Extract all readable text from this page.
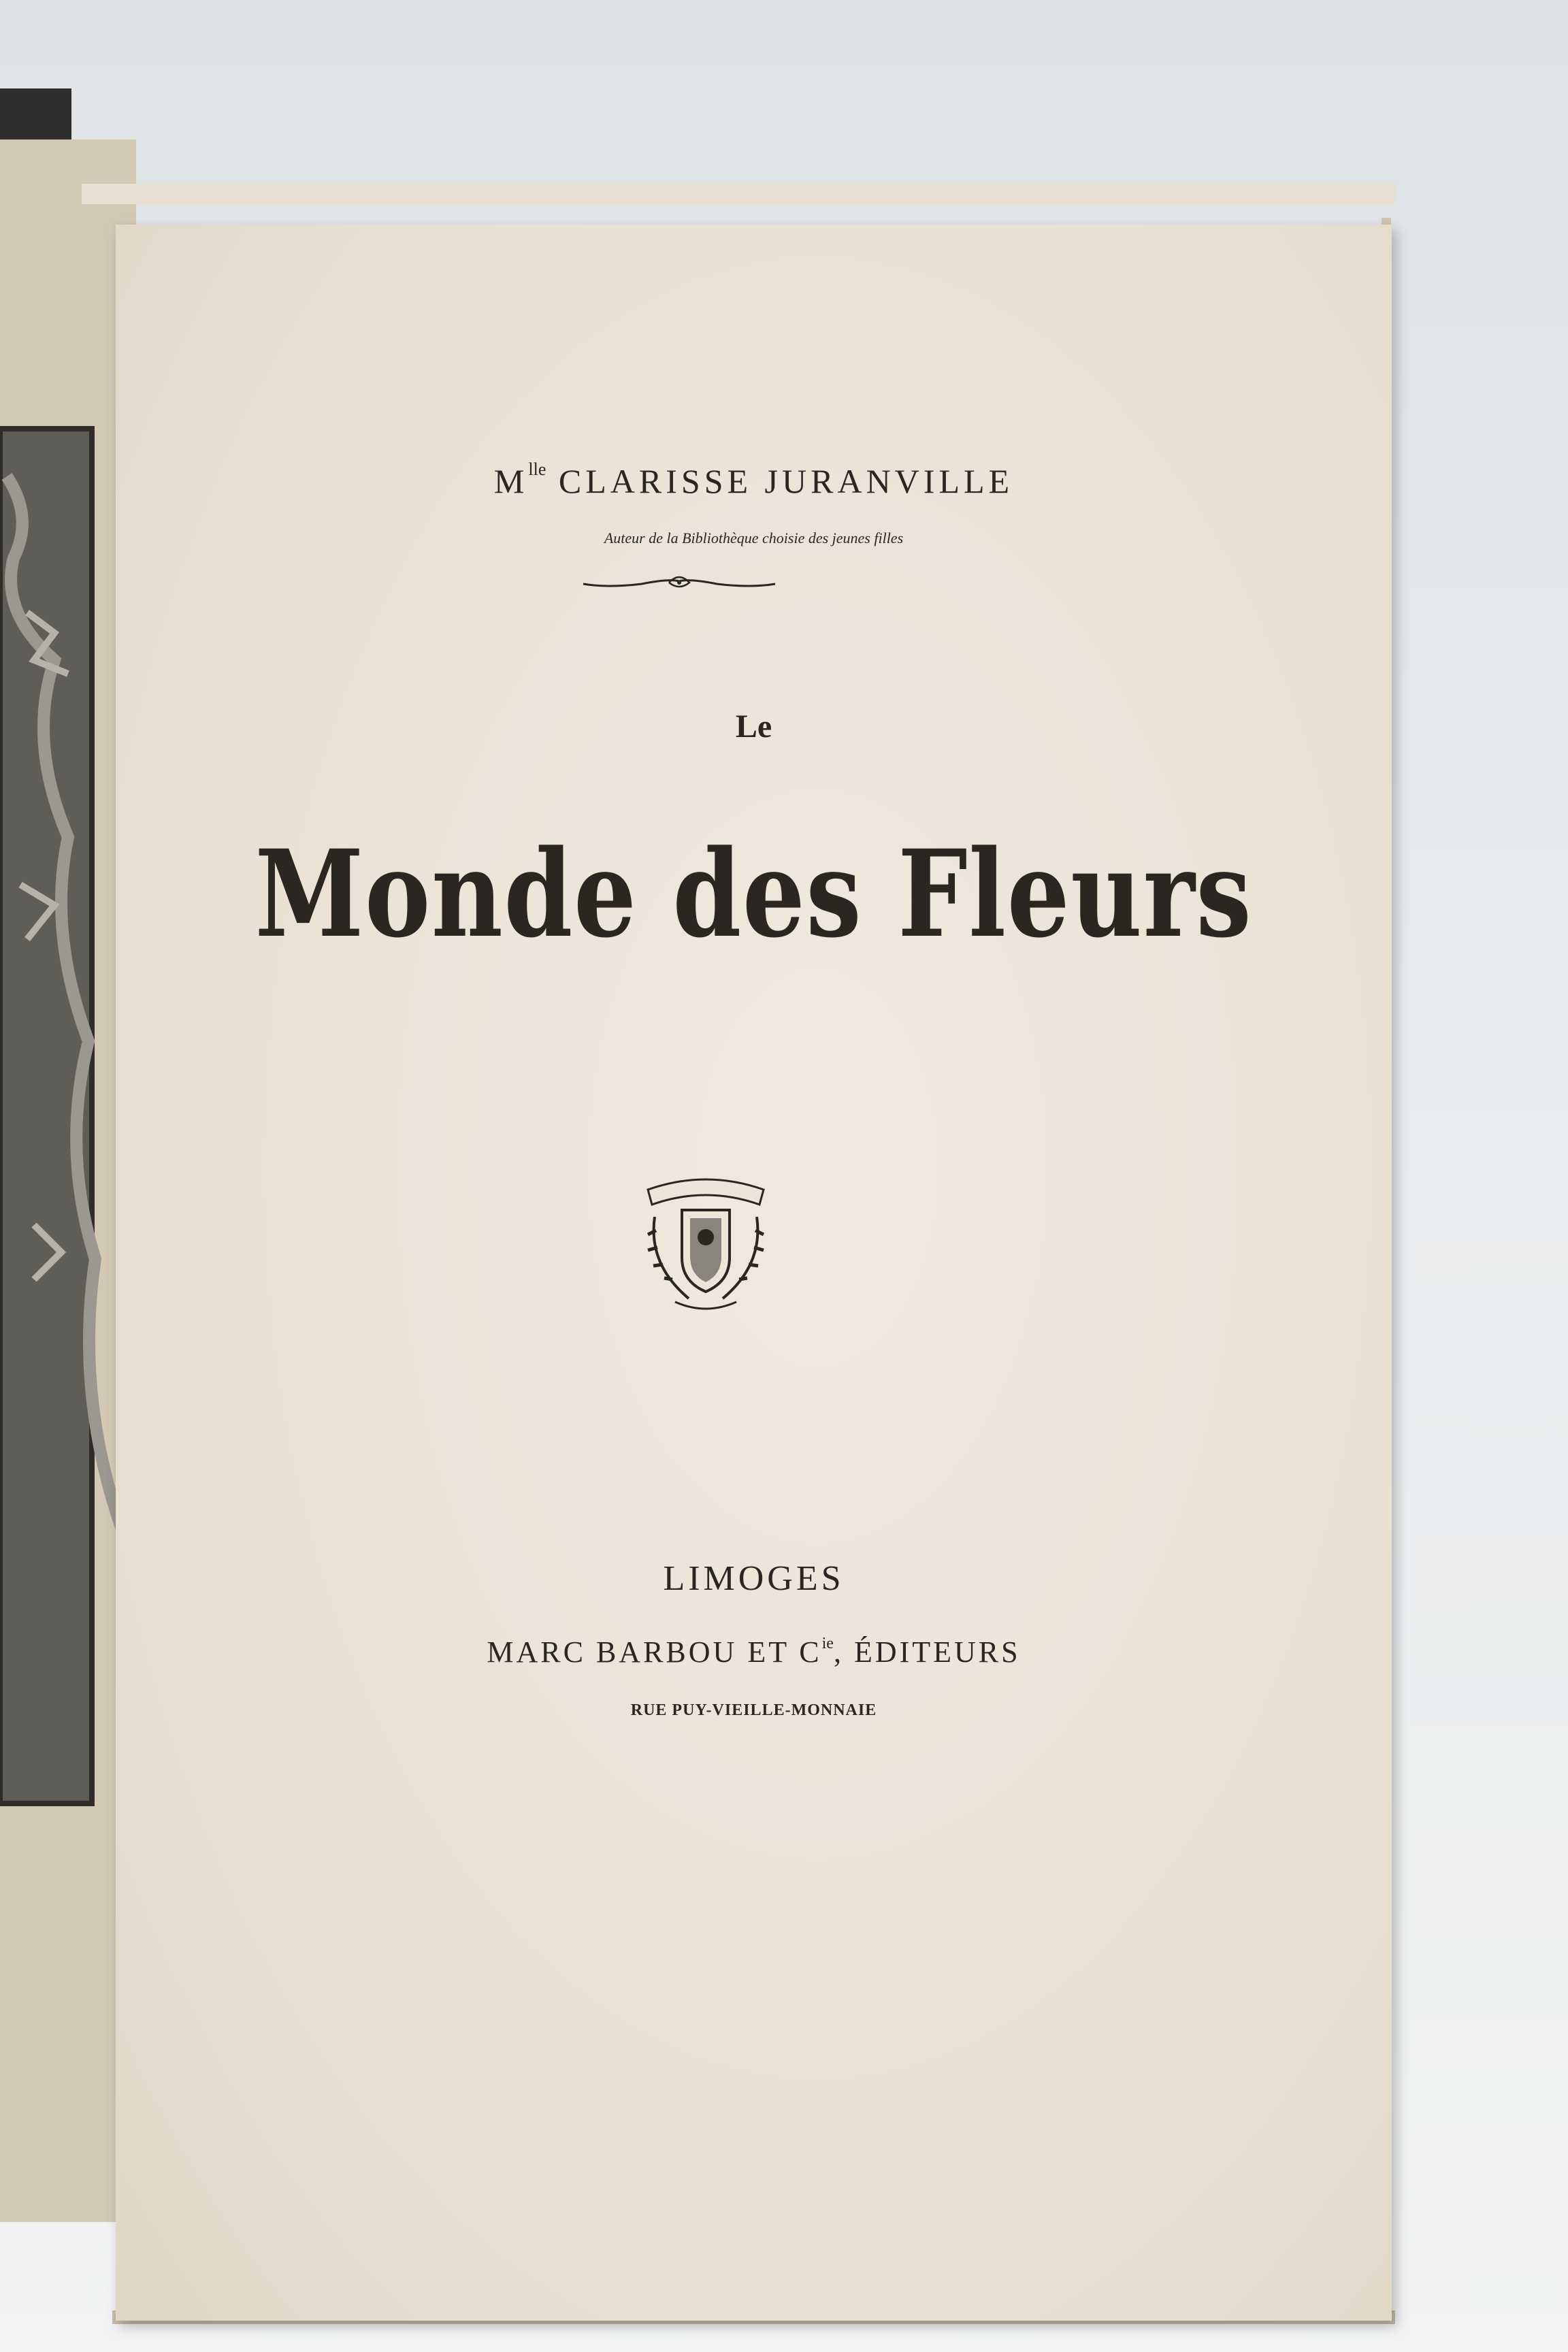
$M^{lle}$ CLARISSE JURANVILLE

Auteur de la Bibliothèque choisie des jeunes filles

Le

Monde des Fleurs

LIMOGES

MARC BARBOU ET $C^{ie}$, ÉDITEURS

RUE PUY-VIEILLE-MONNAIE
